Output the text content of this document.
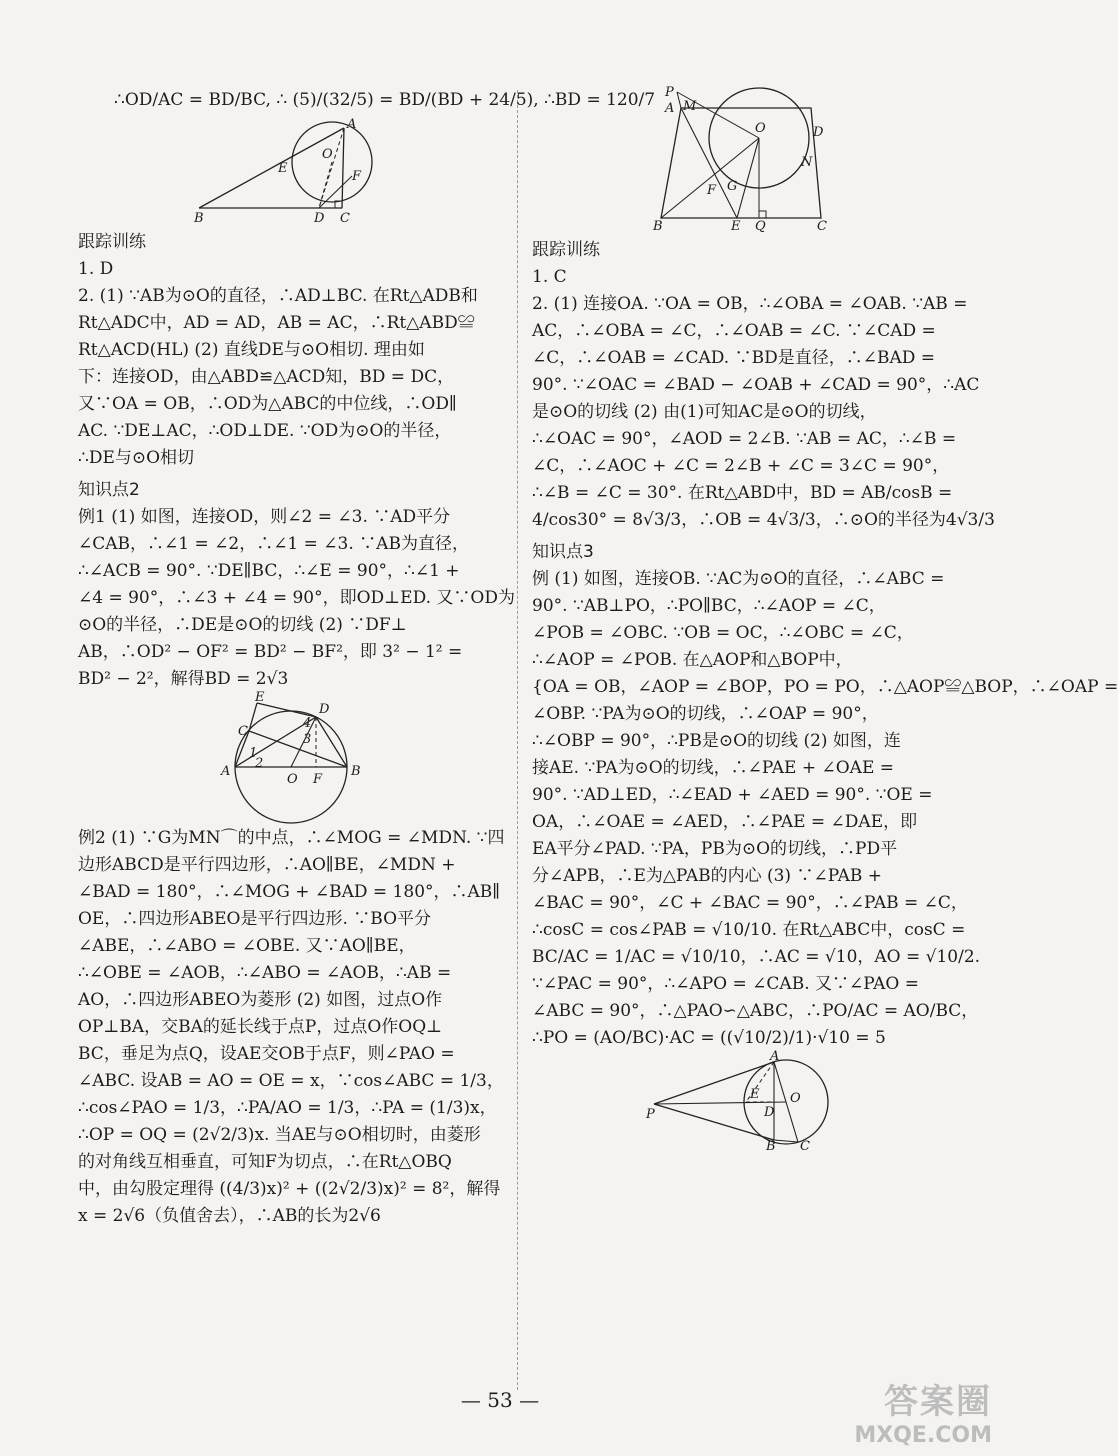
∴OD/AC = BD/BC, ∴ (5)/(32/5) = BD/(BD + 24/5), ∴BD = 120/7
O
A
E
F
B	D C
跟踪训练

1. D

2. (1) ∵AB为⊙O的直径，∴AD⊥BC. 在Rt△ADB和

Rt△ADC中，AD = AD，AB = AC，∴Rt△ABD≌

Rt△ACD(HL) (2) 直线DE与⊙O相切. 理由如

下：连接OD，由△ABD≌△ACD知，BD = DC，

又∵OA = OB，∴OD为△ABC的中位线，∴OD∥

AC. ∵DE⊥AC，∴OD⊥DE. ∵OD为⊙O的半径，

∴DE与⊙O相切

知识点2

例1 (1) 如图，连接OD，则∠2 = ∠3. ∵AD平分

∠CAB，∴∠1 = ∠2，∴∠1 = ∠3. ∵AB为直径，

∴∠ACB = 90°. ∵DE∥BC，∴∠E = 90°，∴∠1 +

∠4 = 90°，∴∠3 + ∠4 = 90°，即OD⊥ED. 又∵OD为

⊙O的半径，∴DE是⊙O的切线 (2) ∵DF⊥

AB，∴OD² − OF² = BD² − BF²，即 3² − 1² =

BD² − 2²，解得BD = 2√3

E
D
C
4
3
1
2
A
O F
B

例2 (1) ∵G为MN⌒的中点，∴∠MOG = ∠MDN. ∵四

边形ABCD是平行四边形，∴AO∥BE，∠MDN +

∠BAD = 180°，∴∠MOG + ∠BAD = 180°，∴AB∥

OE，∴四边形ABEO是平行四边形. ∵BO平分

∠ABE，∴∠ABO = ∠OBE. 又∵AO∥BE，

∴∠OBE = ∠AOB，∴∠ABO = ∠AOB，∴AB =

AO，∴四边形ABEO为菱形 (2) 如图，过点O作

OP⊥BA，交BA的延长线于点P，过点O作OQ⊥

BC，垂足为点Q，设AE交OB于点F，则∠PAO =

∠ABC. 设AB = AO = OE = x，∵cos∠ABC = 1/3，

∴cos∠PAO = 1/3，∴PA/AO = 1/3，∴PA = (1/3)x，

∴OP = OQ = (2√2/3)x. 当AE与⊙O相切时，由菱形

的对角线互相垂直，可知F为切点，∴在Rt△OBQ

中，由勾股定理得 ((4/3)x)² + ((2√2/3)x)² = 8²，解得

x = 2√6（负值舍去），∴AB的长为2√6

P
A M
O	D
N
F G
B	E Q	C
跟踪训练

1. C

2. (1) 连接OA. ∵OA = OB，∴∠OBA = ∠OAB. ∵AB =

AC，∴∠OBA = ∠C，∴∠OAB = ∠C. ∵∠CAD =

∠C，∴∠OAB = ∠CAD. ∵BD是直径，∴∠BAD =

90°. ∵∠OAC = ∠BAD − ∠OAB + ∠CAD = 90°，∴AC

是⊙O的切线 (2) 由(1)可知AC是⊙O的切线，

∴∠OAC = 90°，∠AOD = 2∠B. ∵AB = AC，∴∠B =

∠C，∴∠AOC + ∠C = 2∠B + ∠C = 3∠C = 90°，

∴∠B = ∠C = 30°. 在Rt△ABD中，BD = AB/cosB =

4/cos30° = 8√3/3，∴OB = 4√3/3，∴⊙O的半径为4√3/3

知识点3

例 (1) 如图，连接OB. ∵AC为⊙O的直径，∴∠ABC =

90°. ∵AB⊥PO，∴PO∥BC，∴∠AOP = ∠C，

∠POB = ∠OBC. ∵OB = OC，∴∠OBC = ∠C，

∴∠AOP = ∠POB. 在△AOP和△BOP中，

{OA = OB，∠AOP = ∠BOP，PO = PO，∴△AOP≌△BOP，∴∠OAP =

∠OBP. ∵PA为⊙O的切线，∴∠OAP = 90°，

∴∠OBP = 90°，∴PB是⊙O的切线 (2) 如图，连

接AE. ∵PA为⊙O的切线，∴∠PAE + ∠OAE =

90°. ∵AD⊥ED，∴∠EAD + ∠AED = 90°. ∵OE =

OA，∴∠OAE = ∠AED，∴∠PAE = ∠DAE，即

EA平分∠PAD. ∵PA，PB为⊙O的切线，∴PD平

分∠APB，∴E为△PAB的内心 (3) ∵∠PAB +

∠BAC = 90°，∠C + ∠BAC = 90°，∴∠PAB = ∠C，

∴cosC = cos∠PAB = √10/10. 在Rt△ABC中，cosC =

BC/AC = 1/AC = √10/10，∴AC = √10，AO = √10/2.

∵∠PAC = 90°，∴∠APO = ∠CAB. 又∵∠PAO =

∠ABC = 90°，∴△PAO∽△ABC，∴PO/AC = AO/BC，

∴PO = (AO/BC)·AC = ((√10/2)/1)·√10 = 5

A
P
E O
D
B C
— 53 —	答案圈
MXQE.COM
